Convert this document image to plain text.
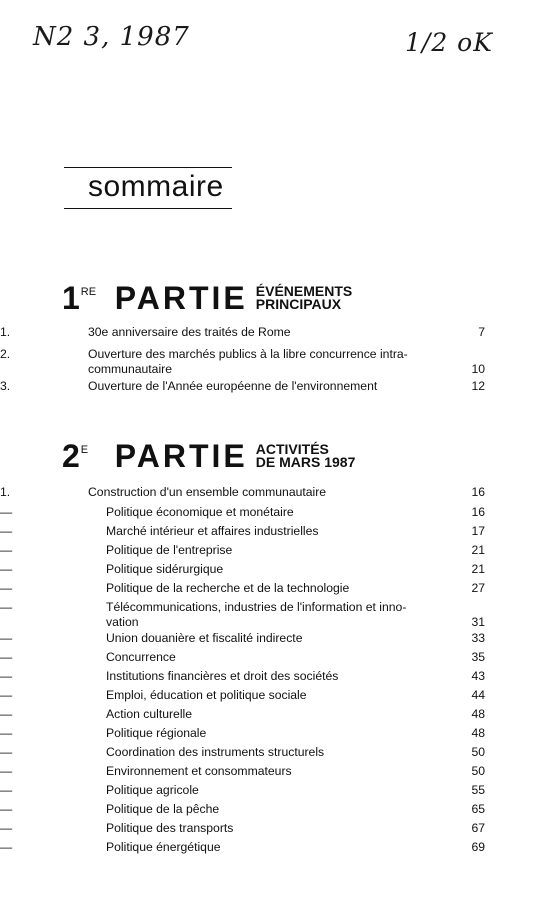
N2 3, 1987	1/2 oK
sommaire
1 RE PARTIE ÉVÉNEMENTS
PRINCIPAUX
2 E PARTIE ACTIVITÉS
DE MARS 1987
1.	30e anniversaire des traités de Rome	7
2.	Ouverture des marchés publics à la libre concurrence intra-
communautaire	10
3.	Ouverture de l'Année européenne de l'environnement	12
1.	Construction d'un ensemble communautaire	16
—	Politique économique et monétaire	16
—	Marché intérieur et affaires industrielles	17
—	Politique de l'entreprise	21
—	Politique sidérurgique	21
—	Politique de la recherche et de la technologie	27
—	Télécommunications, industries de l'information et inno-
vation	31
—	Union douanière et fiscalité indirecte	33
—	Concurrence	35
—	Institutions financières et droit des sociétés	43
—	Emploi, éducation et politique sociale	44
—	Action culturelle	48
—	Politique régionale	48
—	Coordination des instruments structurels	50
—	Environnement et consommateurs	50
—	Politique agricole	55
—	Politique de la pêche	65
—	Politique des transports	67
—	Politique énergétique	69
